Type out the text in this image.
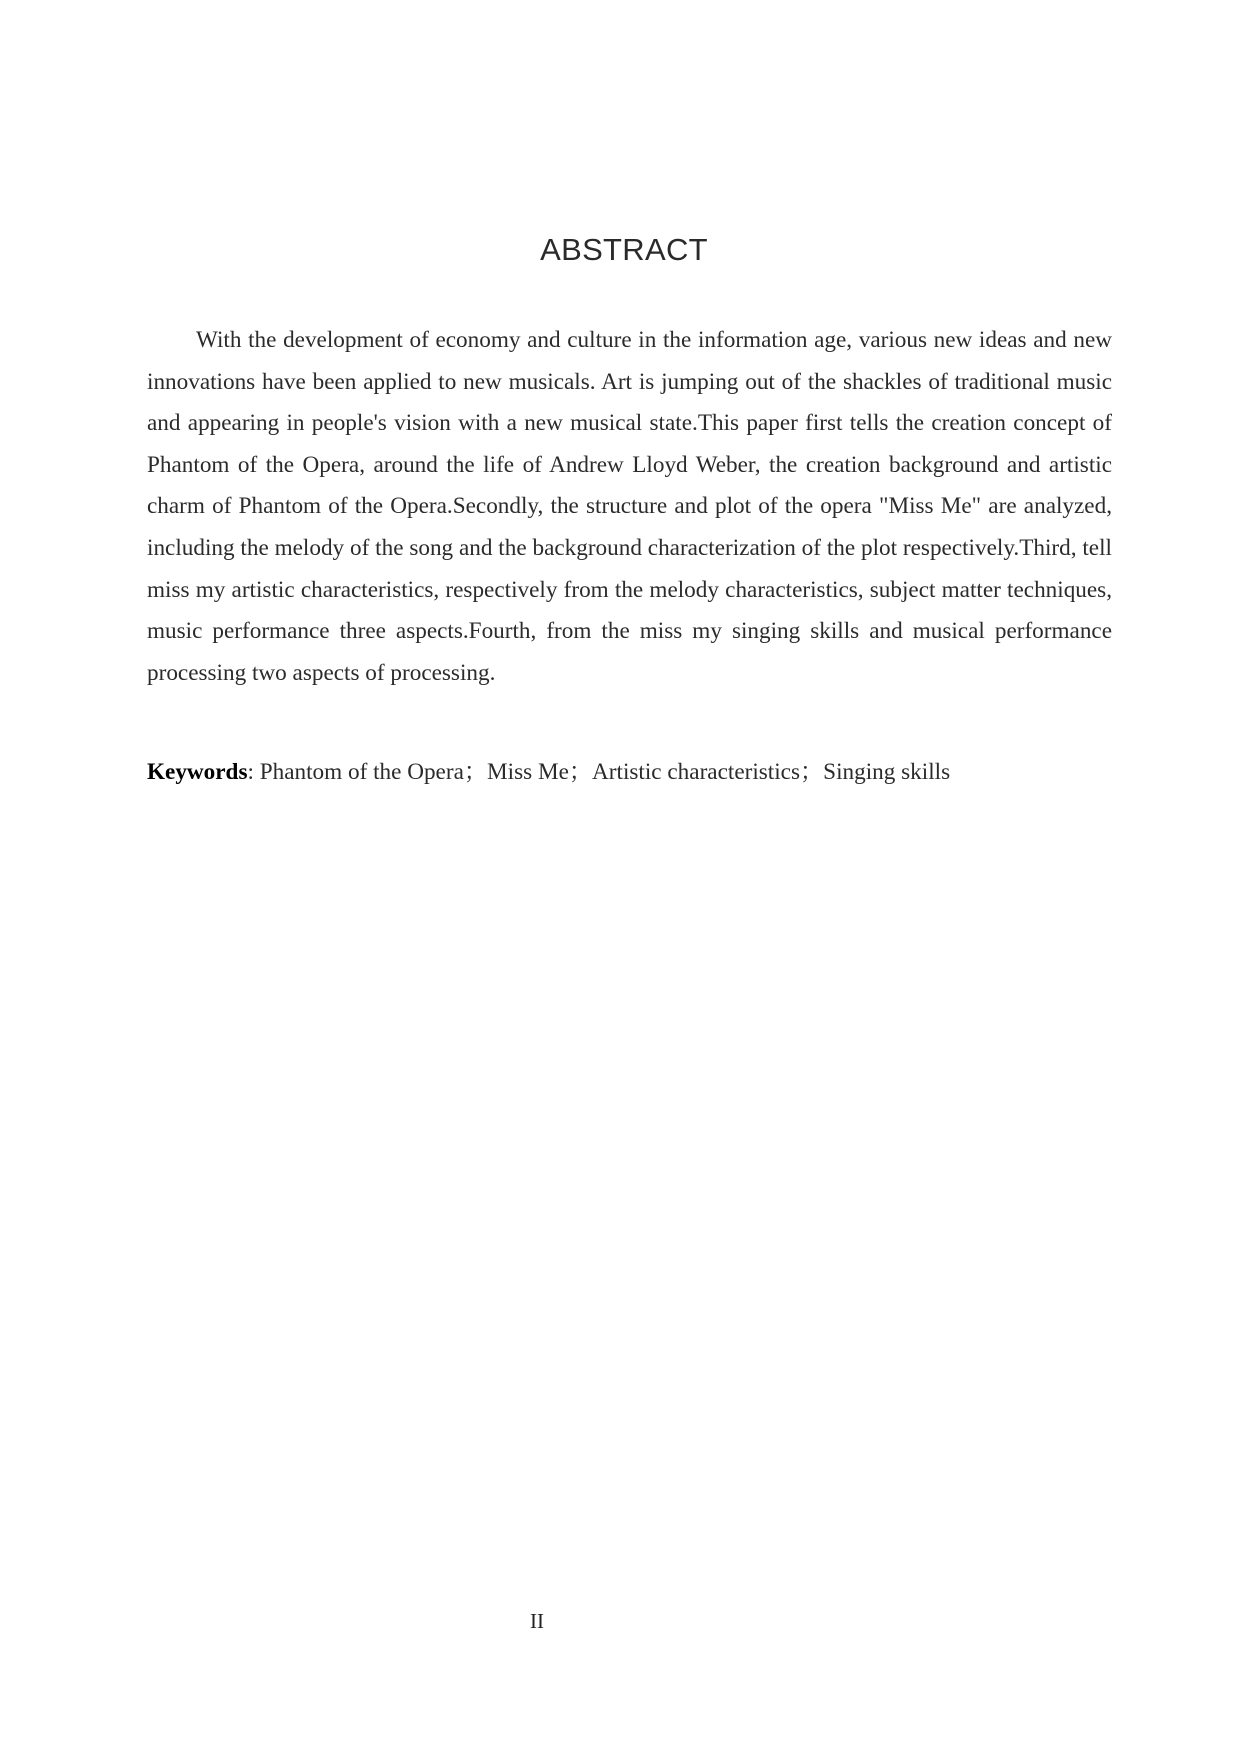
ABSTRACT

With the development of economy and culture in the information age, various new ideas and new innovations have been applied to new musicals. Art is jumping out of the shackles of traditional music and appearing in people's vision with a new musical state.This paper first tells the creation concept of Phantom of the Opera, around the life of Andrew Lloyd Weber, the creation background and artistic charm of Phantom of the Opera.Secondly, the structure and plot of the opera "Miss Me" are analyzed, including the melody of the song and the background characterization of the plot respectively.Third, tell miss my artistic characteristics, respectively from the melody characteristics, subject matter techniques, music performance three aspects.Fourth, from the miss my singing skills and musical performance processing two aspects of processing.

Keywords: Phantom of the Opera；Miss Me；Artistic characteristics；Singing skills

II
